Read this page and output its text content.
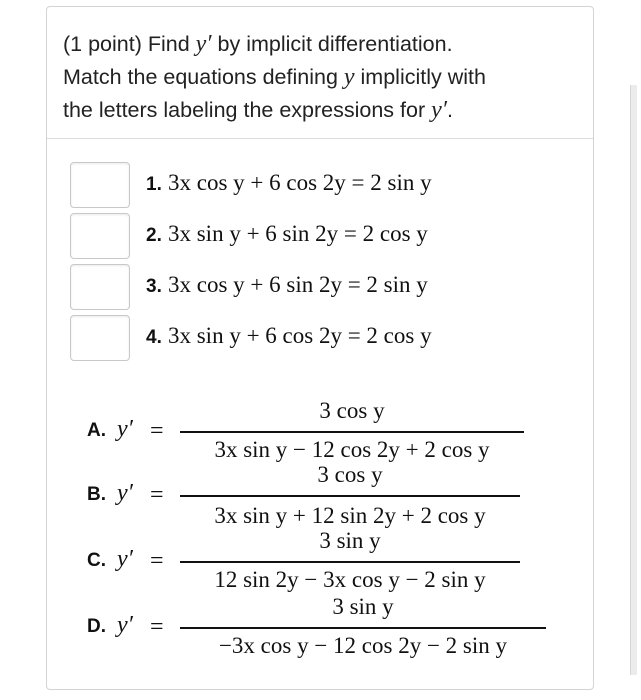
(1 point) Find y′ by implicit differentiation.
Match the equations defining y implicitly with
the letters labeling the expressions for y′.
1. 3x cos y + 6 cos 2y = 2 sin y
2. 3x sin y + 6 sin 2y = 2 cos y
3. 3x cos y + 6 sin 2y = 2 sin y
4. 3x sin y + 6 cos 2y = 2 cos y
A. y′ =
3 cos y
3x sin y − 12 cos 2y + 2 cos y
B. y′ =
3 cos y
3x sin y + 12 sin 2y + 2 cos y
C. y′ =
3 sin y
12 sin 2y − 3x cos y − 2 sin y
D. y′ =
3 sin y
−3x cos y − 12 cos 2y − 2 sin y
